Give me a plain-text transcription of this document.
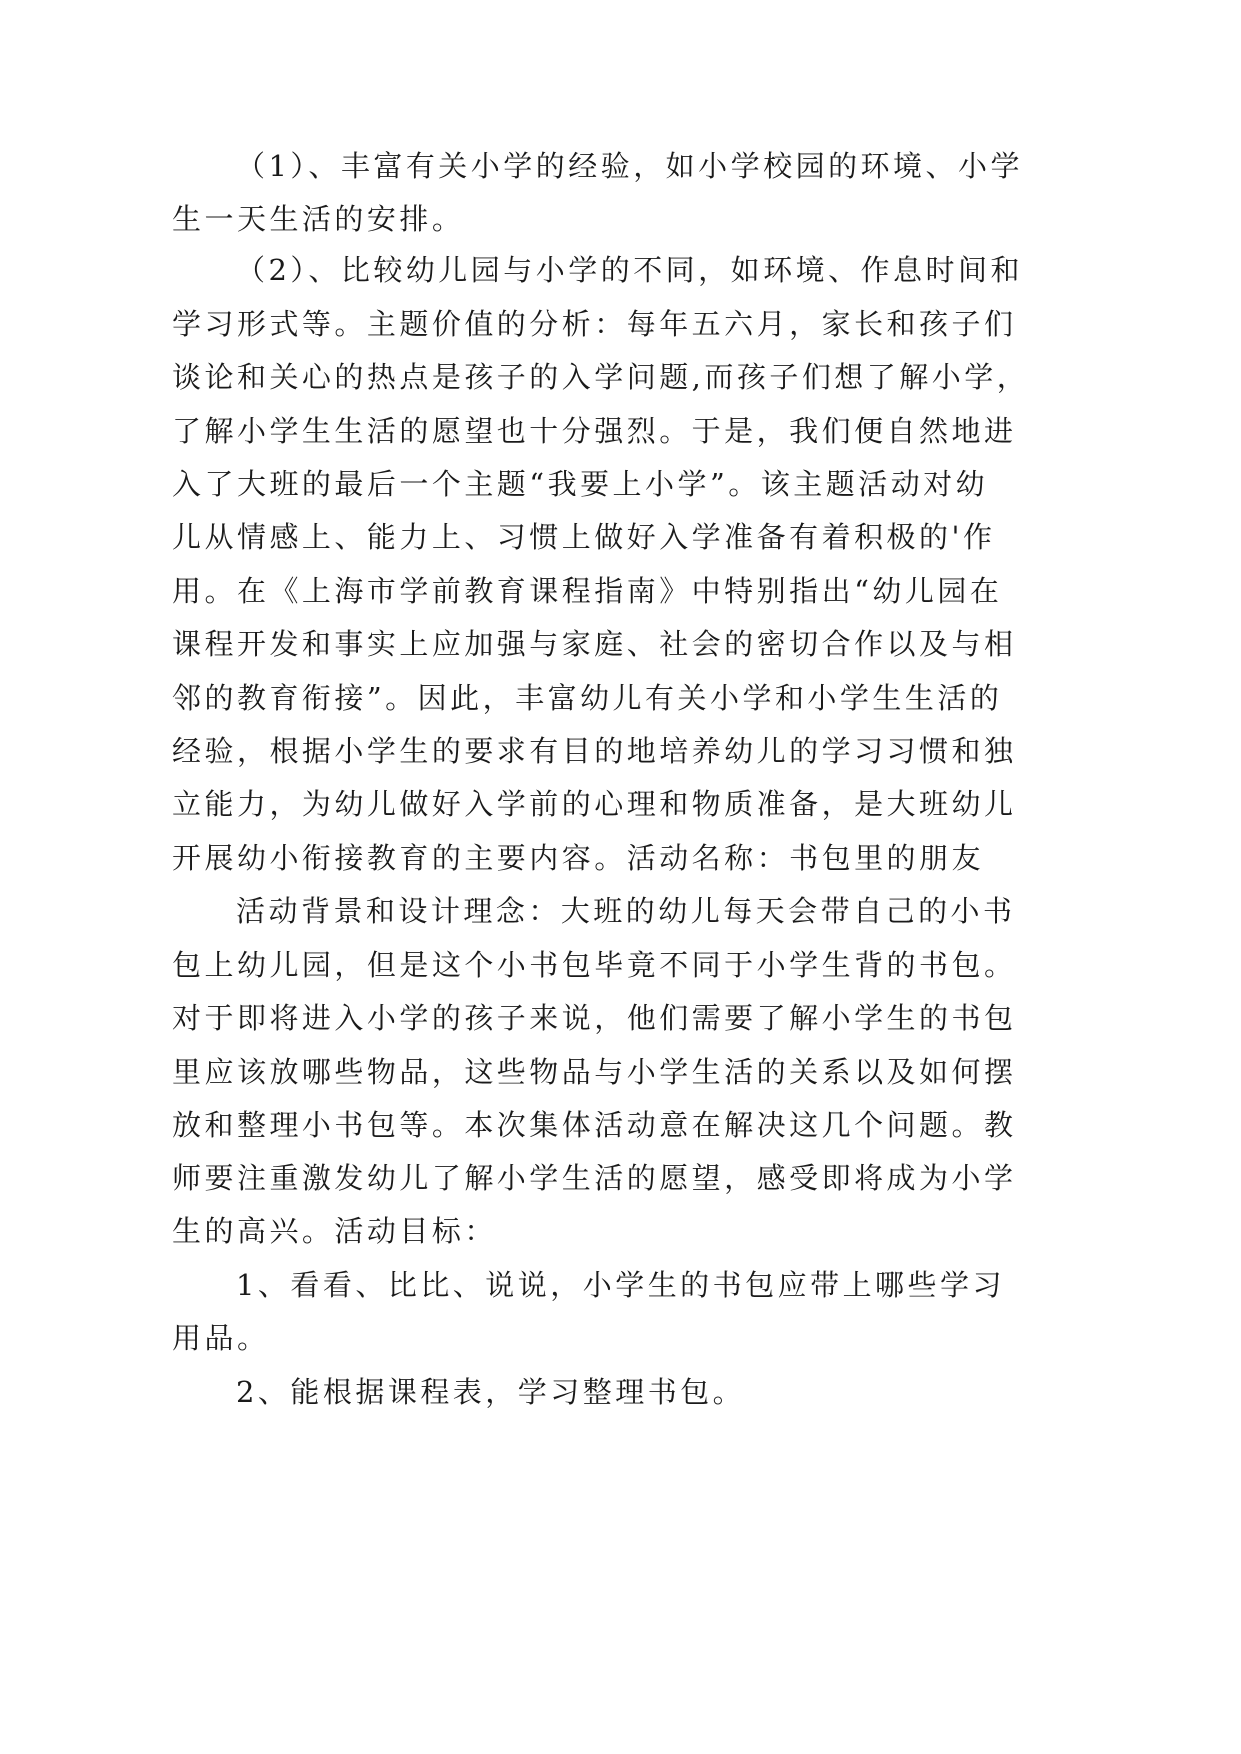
（1）、丰富有关小学的经验，如小学校园的环境、小学
生一天生活的安排。
（2）、比较幼儿园与小学的不同，如环境、作息时间和
学习形式等。主题价值的分析：每年五六月，家长和孩子们
谈论和关心的热点是孩子的入学问题,而孩子们想了解小学，
了解小学生生活的愿望也十分强烈。于是，我们便自然地进
入了大班的最后一个主题“我要上小学”。该主题活动对幼
儿从情感上、能力上、习惯上做好入学准备有着积极的'作
用。在《上海市学前教育课程指南》中特别指出“幼儿园在
课程开发和事实上应加强与家庭、社会的密切合作以及与相
邻的教育衔接”。因此，丰富幼儿有关小学和小学生生活的
经验，根据小学生的要求有目的地培养幼儿的学习习惯和独
立能力，为幼儿做好入学前的心理和物质准备，是大班幼儿
开展幼小衔接教育的主要内容。活动名称：书包里的朋友
活动背景和设计理念：大班的幼儿每天会带自己的小书
包上幼儿园，但是这个小书包毕竟不同于小学生背的书包。
对于即将进入小学的孩子来说，他们需要了解小学生的书包
里应该放哪些物品，这些物品与小学生活的关系以及如何摆
放和整理小书包等。本次集体活动意在解决这几个问题。教
师要注重激发幼儿了解小学生活的愿望，感受即将成为小学
生的高兴。活动目标：
1、看看、比比、说说，小学生的书包应带上哪些学习
用品。
2、能根据课程表，学习整理书包。
